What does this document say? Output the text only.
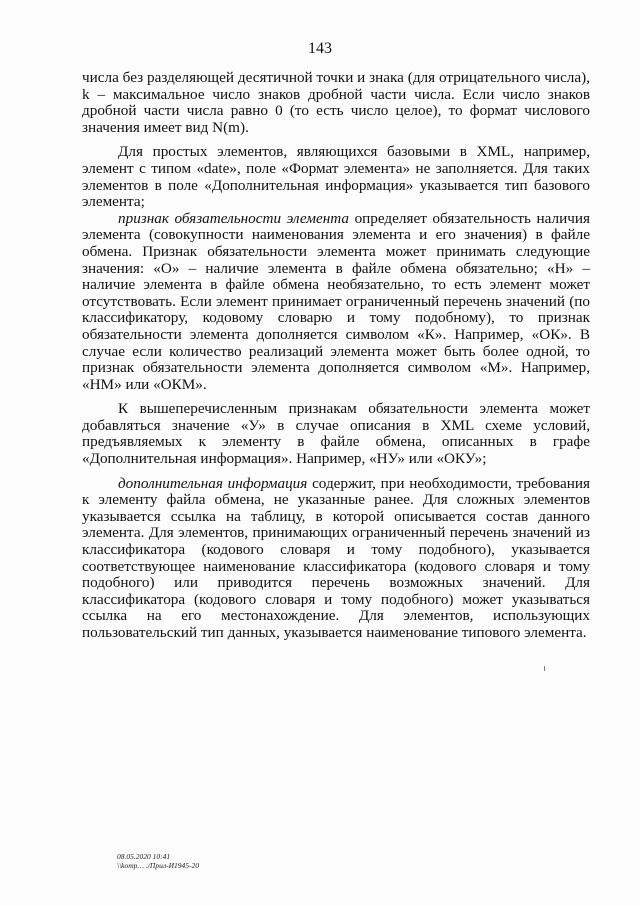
143

числа без разделяющей десятичной точки и знака (для отрицательного числа), k – максимальное число знаков дробной части числа. Если число знаков дробной части числа равно 0 (то есть число целое), то формат числового значения имеет вид N(m).

Для простых элементов, являющихся базовыми в XML, например, элемент с типом «date», поле «Формат элемента» не заполняется. Для таких элементов в поле «Дополнительная информация» указывается тип базового элемента;

признак обязательности элемента определяет обязательность наличия элемента (совокупности наименования элемента и его значения) в файле обмена. Признак обязательности элемента может принимать следующие значения: «О» – наличие элемента в файле обмена обязательно; «Н» – наличие элемента в файле обмена необязательно, то есть элемент может отсутствовать. Если элемент принимает ограниченный перечень значений (по классификатору, кодовому словарю и тому подобному), то признак обязательности элемента дополняется символом «К». Например, «ОК». В случае если количество реализаций элемента может быть более одной, то признак обязательности элемента дополняется символом «М». Например, «НМ» или «ОКМ».

К вышеперечисленным признакам обязательности элемента может добавляться значение «У» в случае описания в XML схеме условий, предъявляемых к элементу в файле обмена, описанных в графе «Дополнительная информация». Например, «НУ» или «ОКУ»;

дополнительная информация содержит, при необходимости, требования к элементу файла обмена, не указанные ранее. Для сложных элементов указывается ссылка на таблицу, в которой описывается состав данного элемента. Для элементов, принимающих ограниченный перечень значений из классификатора (кодового словаря и тому подобного), указывается соответствующее наименование классификатора (кодового словаря и тому подобного) или приводится перечень возможных значений. Для классификатора (кодового словаря и тому подобного) может указываться ссылка на его местонахождение. Для элементов, использующих пользовательский тип данных, указывается наименование типового элемента.

08.05.2020 10:41
\\komp… ./Прил-И1945-20
